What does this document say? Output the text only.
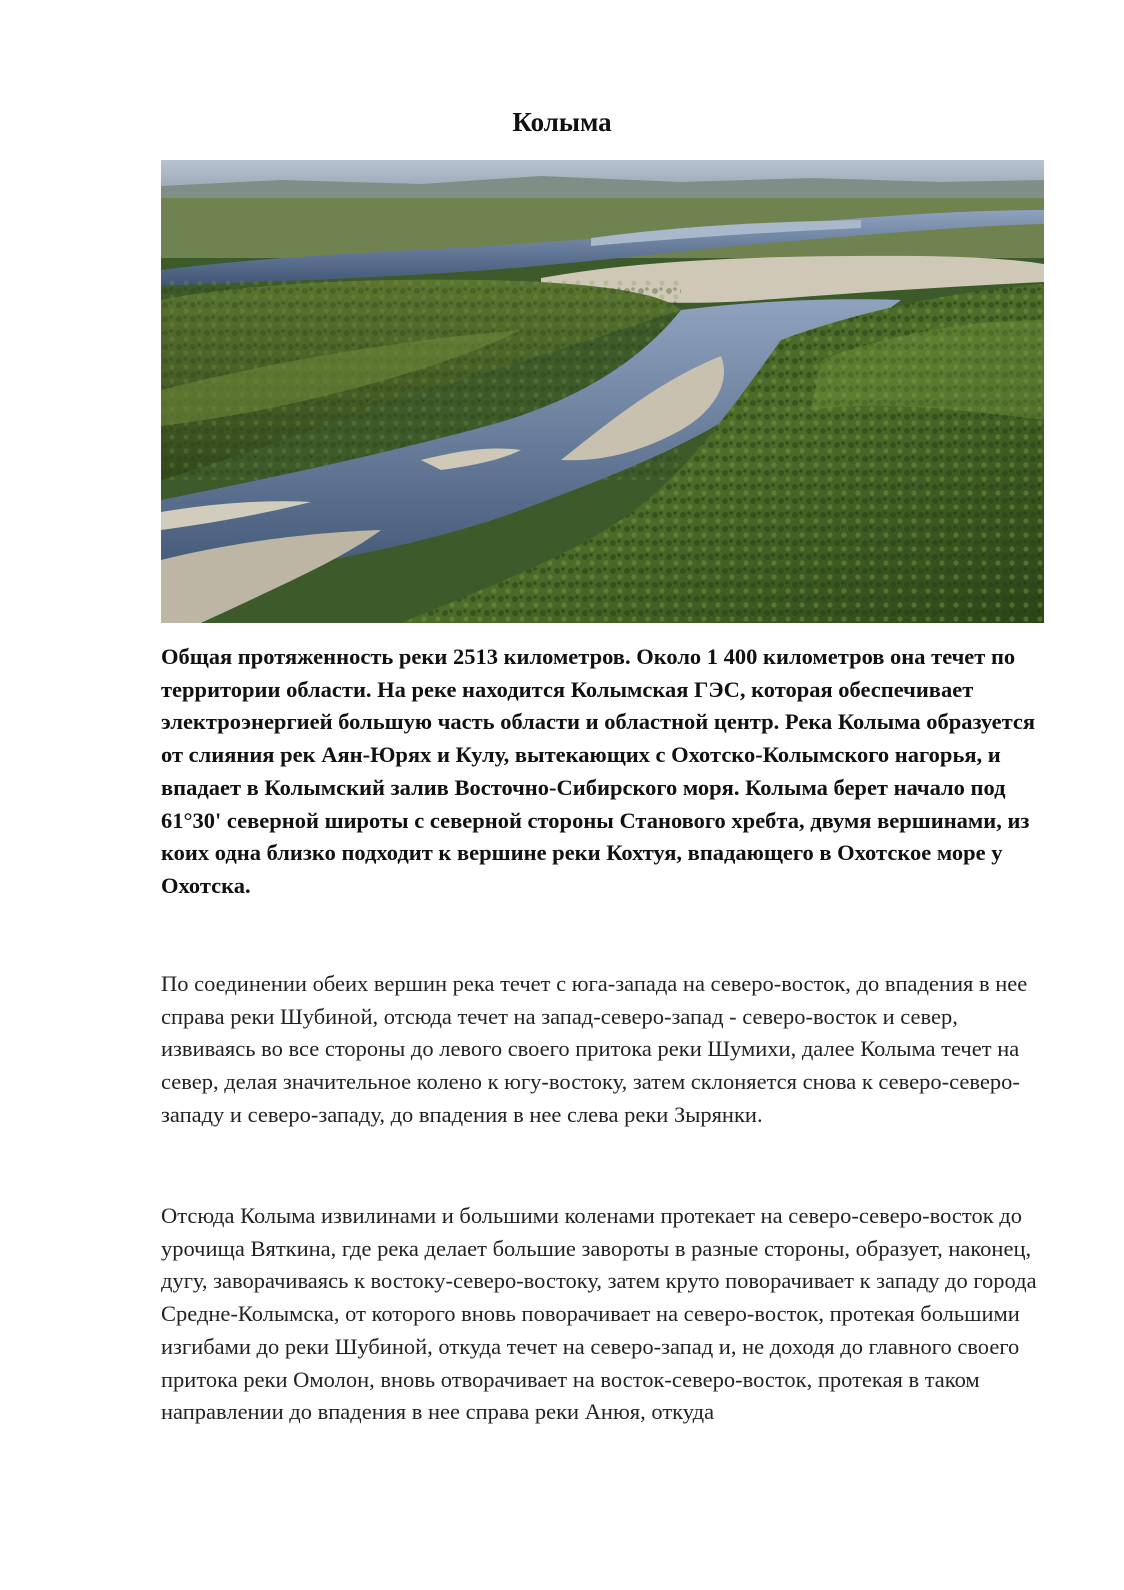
Колыма

Общая протяженность реки 2513 километров. Около 1 400 километров она течет по территории области. На реке находится Колымская ГЭС, которая обеспечивает электроэнергией большую часть области и областной центр. Река Колыма образуется от слияния рек Аян-Юрях и Кулу, вытекающих с Охотско-Колымского нагорья, и впадает в Колымский залив Восточно-Сибирского моря. Колыма берет начало под 61°30' северной широты с северной стороны Станового хребта, двумя вершинами, из коих одна близко подходит к вершине реки Кохтуя, впадающего в Охотское море у Охотска.

По соединении обеих вершин река течет с юга-запада на северо-восток, до впадения в нее справа реки Шубиной, отсюда течет на запад-северо-запад - северо-восток и север, извиваясь во все стороны до левого своего притока реки Шумихи, далее Колыма течет на север, делая значительное колено к югу-востоку, затем склоняется снова к северо-северо-западу и северо-западу, до впадения в нее слева реки Зырянки.

Отсюда Колыма извилинами и большими коленами протекает на северо-северо-восток до урочища Вяткина, где река делает большие завороты в разные стороны, образует, наконец, дугу, заворачиваясь к востоку-северо-востоку, затем круто поворачивает к западу до города Средне-Колымска, от которого вновь поворачивает на северо-восток, протекая большими изгибами до реки Шубиной, откуда течет на северо-запад и, не доходя до главного своего притока реки Омолон, вновь отворачивает на восток-северо-восток, протекая в таком направлении до впадения в нее справа реки Анюя, откуда
